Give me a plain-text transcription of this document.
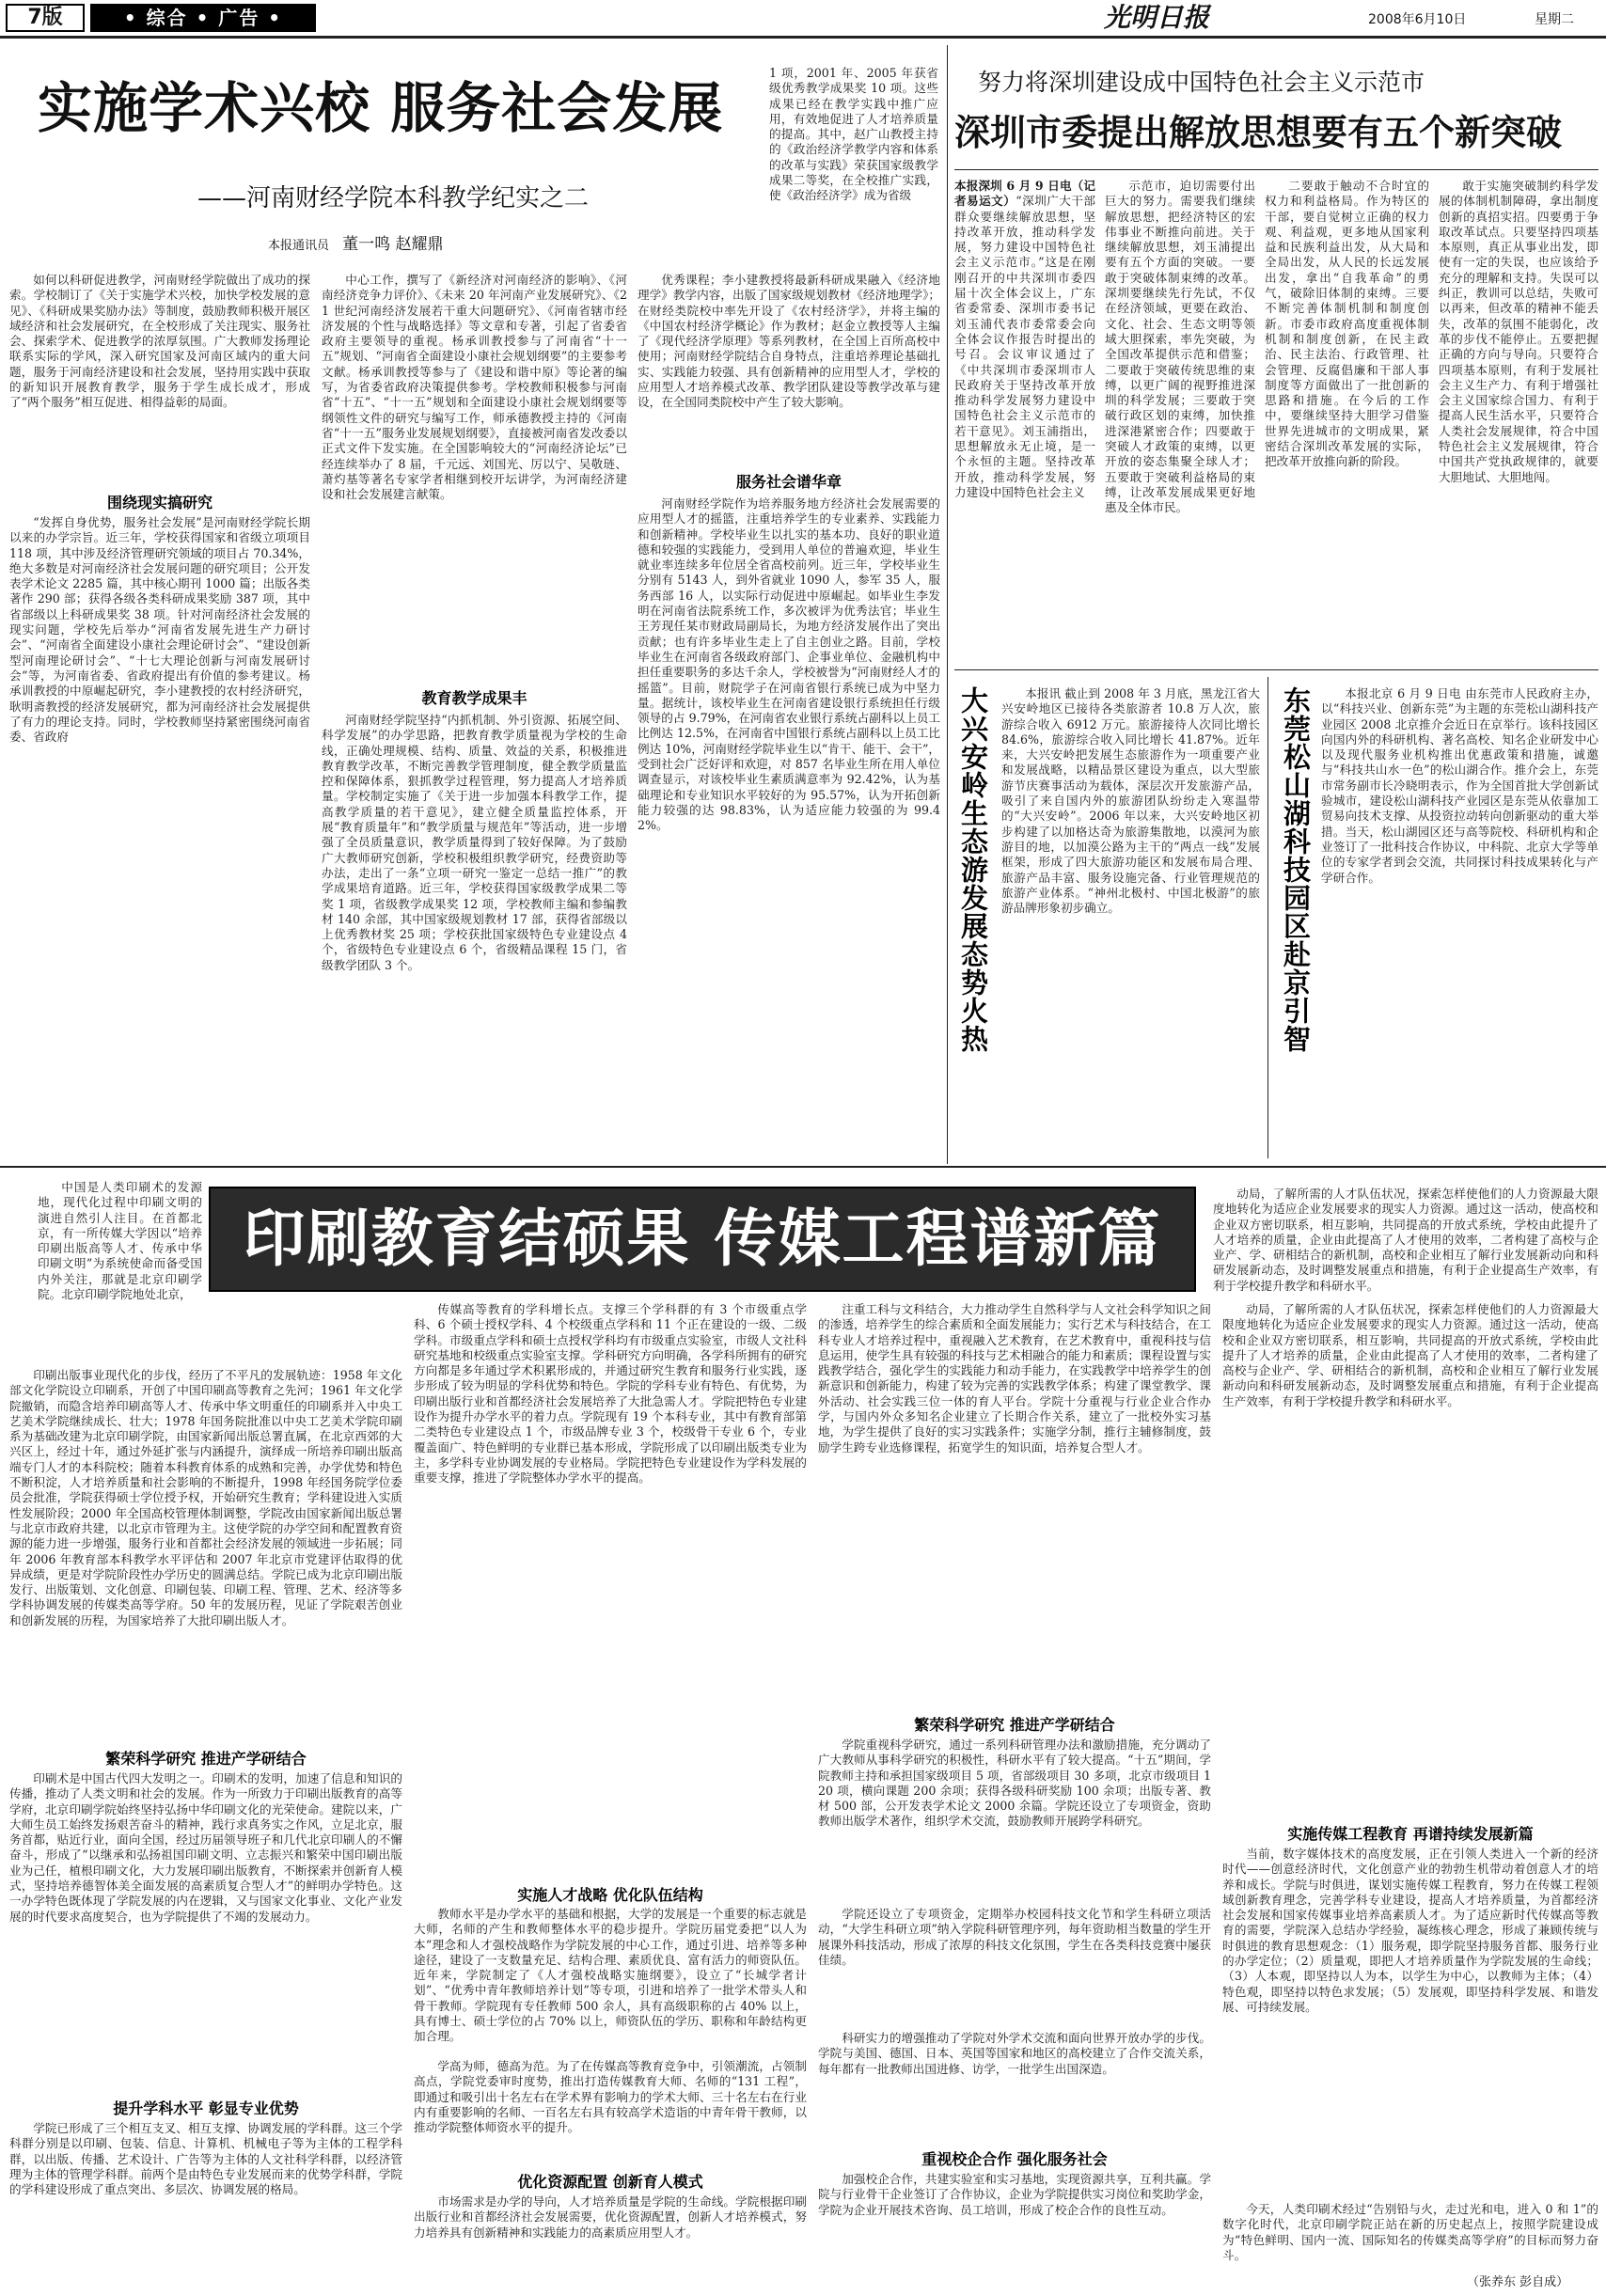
7版	• 综合 • 广告 •	光明日报	2008年6月10日	星期二
实施学术兴校 服务社会发展
——河南财经学院本科教学纪实之二
本报通讯员 董一鸣 赵耀鼎
1 项，2001 年、2005 年获省级优秀教学成果奖 10 项。这些成果已经在教学实践中推广应用，有效地促进了人才培养质量的提高。其中，赵广山教授主持的《政治经济学教学内容和体系的改革与实践》荣获国家级教学成果二等奖，在全校推广实践，使《政治经济学》成为省级

如何以科研促进教学，河南财经学院做出了成功的探索。学校制订了《关于实施学术兴校，加快学校发展的意见》、《科研成果奖励办法》等制度，鼓励教师积极开展区域经济和社会发展研究，在全校形成了关注现实、服务社会、探索学术、促进教学的浓厚氛围。广大教师发扬理论联系实际的学风，深入研究国家及河南区域内的重大问题，服务于河南经济建设和社会发展，坚持用实践中获取的新知识开展教育教学，服务于学生成长成才，形成了“两个服务”相互促进、相得益彰的局面。

围绕现实搞研究

“发挥自身优势，服务社会发展”是河南财经学院长期以来的办学宗旨。近三年，学校获得国家和省级立项项目 118 项，其中涉及经济管理研究领域的项目占 70.34%，绝大多数是对河南经济社会发展问题的研究项目；公开发表学术论文 2285 篇，其中核心期刊 1000 篇；出版各类著作 290 部；获得各级各类科研成果奖励 387 项，其中省部级以上科研成果奖 38 项。针对河南经济社会发展的现实问题，学校先后举办“河南省发展先进生产力研讨会”、“河南省全面建设小康社会理论研讨会”、“建设创新型河南理论研讨会”、“十七大理论创新与河南发展研讨会”等，为河南省委、省政府提出有价值的参考建议。杨承训教授的中原崛起研究，李小建教授的农村经济研究，耿明斋教授的经济发展研究，都为河南经济社会发展提供了有力的理论支持。同时，学校教师坚持紧密围绕河南省委、省政府

中心工作，撰写了《新经济对河南经济的影响》、《河南经济竞争力评价》、《未来 20 年河南产业发展研究》、《21 世纪河南经济发展若干重大问题研究》、《河南省辖市经济发展的个性与战略选择》等文章和专著，引起了省委省政府主要领导的重视。杨承训教授参与了河南省“十一五”规划、“河南省全面建设小康社会规划纲要”的主要参考文献。杨承训教授等参与了《建设和谐中原》等论著的编写，为省委省政府决策提供参考。学校教师积极参与河南省“十五”、“十一五”规划和全面建设小康社会规划纲要等纲领性文件的研究与编写工作，师承德教授主持的《河南省“十一五”服务业发展规划纲要》，直接被河南省发改委以正式文件下发实施。在全国影响较大的“河南经济论坛”已经连续举办了 8 届，千元远、刘国光、厉以宁、吴敬琏、萧灼基等著名专家学者相继到校开坛讲学，为河南经济建设和社会发展建言献策。

教育教学成果丰

河南财经学院坚持“内抓机制、外引资源、拓展空间、科学发展”的办学思路，把教育教学质量视为学校的生命线，正确处理规模、结构、质量、效益的关系，积极推进教育教学改革，不断完善教学管理制度，健全教学质量监控和保障体系，狠抓教学过程管理，努力提高人才培养质量。学校制定实施了《关于进一步加强本科教学工作，提高教学质量的若干意见》，建立健全质量监控体系，开展“教育质量年”和“教学质量与规范年”等活动，进一步增强了全员质量意识，教学质量得到了较好保障。为了鼓励广大教师研究创新，学校积极组织教学研究，经费资助等办法，走出了一条“立项一研究一鉴定一总结一推广”的教学成果培育道路。近三年，学校获得国家级教学成果二等奖 1 项，省级教学成果奖 12 项，学校教师主编和参编教材 140 余部，其中国家级规划教材 17 部，获得省部级以上优秀教材奖 25 项；学校获批国家级特色专业建设点 4 个，省级特色专业建设点 6 个，省级精品课程 15 门，省级教学团队 3 个。

优秀课程；李小建教授将最新科研成果融入《经济地理学》教学内容，出版了国家级规划教材《经济地理学》；在财经类院校中率先开设了《农村经济学》，并将主编的《中国农村经济学概论》作为教材；赵金立教授等人主编了《现代经济学原理》等系列教材，在全国上百所高校中使用；河南财经学院结合自身特点，注重培养理论基础扎实、实践能力较强、具有创新精神的应用型人才，学校的应用型人才培养模式改革、教学团队建设等教学改革与建设，在全国同类院校中产生了较大影响。

服务社会谱华章

河南财经学院作为培养服务地方经济社会发展需要的应用型人才的摇篮，注重培养学生的专业素养、实践能力和创新精神。学校毕业生以扎实的基本功、良好的职业道德和较强的实践能力，受到用人单位的普遍欢迎，毕业生就业率连续多年位居全省高校前列。近三年，学校毕业生分别有 5143 人，到外省就业 1090 人，参军 35 人，服务西部 16 人，以实际行动促进中原崛起。如毕业生李发明在河南省法院系统工作，多次被评为优秀法官；毕业生王芳现任某市财政局副局长，为地方经济发展作出了突出贡献；也有许多毕业生走上了自主创业之路。目前，学校毕业生在河南省各级政府部门、企事业单位、金融机构中担任重要职务的多达千余人，学校被誉为“河南财经人才的摇篮”。目前，财院学子在河南省银行系统已成为中坚力量。据统计，该校毕业生在河南省建设银行系统担任行级领导的占 9.79%，在河南省农业银行系统占副科以上员工比例达 12.5%，在河南省中国银行系统占副科以上员工比例达 10%，河南财经学院毕业生以“肯干、能干、会干”，受到社会广泛好评和欢迎，对 857 名毕业生所在用人单位调查显示，对该校毕业生素质满意率为 92.42%，认为基础理论和专业知识水平较好的为 95.57%，认为开拓创新能力较强的达 98.83%，认为适应能力较强的为 99.42%。

努力将深圳建设成中国特色社会主义示范市
深圳市委提出解放思想要有五个新突破
本报深圳 6 月 9 日电（记者易运文）“深圳广大干部群众要继续解放思想，坚持改革开放，推动科学发展，努力建设中国特色社会主义示范市。”这是在刚刚召开的中共深圳市委四届十次全体会议上，广东省委常委、深圳市委书记刘玉浦代表市委常委会向全体会议作报告时提出的号召。会议审议通过了《中共深圳市委深圳市人民政府关于坚持改革开放推动科学发展努力建设中国特色社会主义示范市的若干意见》。刘玉浦指出，思想解放永无止境，是一个永恒的主题。坚持改革开放，推动科学发展，努力建设中国特色社会主义

示范市，迫切需要付出巨大的努力。需要我们继续解放思想，把经济特区的宏伟事业不断推向前进。关于继续解放思想，刘玉浦提出要有五个方面的突破。一要敢于突破体制束缚的改革。深圳要继续先行先试，不仅在经济领域，更要在政治、文化、社会、生态文明等领域大胆探索，率先突破，为全国改革提供示范和借鉴；二要敢于突破传统思维的束缚，以更广阔的视野推进深圳的科学发展；三要敢于突破行政区划的束缚，加快推进深港紧密合作；四要敢于突破人才政策的束缚，以更开放的姿态集聚全球人才；五要敢于突破利益格局的束缚，让改革发展成果更好地惠及全体市民。

二要敢于触动不合时宜的权力和利益格局。作为特区的干部，要自觉树立正确的权力观、利益观，更多地从国家利益和民族利益出发，从大局和全局出发，从人民的长远发展出发，拿出“自我革命”的勇气，破除旧体制的束缚。三要不断完善体制机制和制度创新。市委市政府高度重视体制机制和制度创新，在民主政治、民主法治、行政管理、社会管理、反腐倡廉和干部人事制度等方面做出了一批创新的思路和措施。在今后的工作中，要继续坚持大胆学习借鉴世界先进城市的文明成果，紧密结合深圳改革发展的实际，把改革开放推向新的阶段。

敢于实施突破制约科学发展的体制机制障碍，拿出制度创新的真招实招。四要勇于争取改革试点。只要坚持四项基本原则，真正从事业出发，即使有一定的失误，也应该给予充分的理解和支持。失误可以纠正，教训可以总结，失败可以再来，但改革的精神不能丢失，改革的氛围不能弱化，改革的步伐不能停止。五要把握正确的方向与导向。只要符合四项基本原则，有利于发展社会主义生产力、有利于增强社会主义国家综合国力、有利于提高人民生活水平，只要符合人类社会发展规律，符合中国特色社会主义发展规律，符合中国共产党执政规律的，就要大胆地试、大胆地闯。

大兴安岭生态游发展态势火热	本报讯 截止到 2008 年 3 月底，黑龙江省大兴安岭地区已接待各类旅游者 10.8 万人次，旅游综合收入 6912 万元。旅游接待人次同比增长 84.6%，旅游综合收入同比增长 41.87%。近年来，大兴安岭把发展生态旅游作为一项重要产业和发展战略，以精品景区建设为重点，以大型旅游节庆赛事活动为载体，深层次开发旅游产品，吸引了来自国内外的旅游团队纷纷走入寒温带的“大兴安岭”。2006 年以来，大兴安岭地区初步构建了以加格达奇为旅游集散地，以漠河为旅游目的地，以加漠公路为主干的“两点一线”发展框架，形成了四大旅游功能区和发展布局合理、旅游产品丰富、服务设施完备、行业管理规范的旅游产业体系。“神州北极村、中国北极游”的旅游品牌形象初步确立。	东莞松山湖科技园区赴京引智	本报北京 6 月 9 日电 由东莞市人民政府主办，以“科技兴业、创新东莞”为主题的东莞松山湖科技产业园区 2008 北京推介会近日在京举行。该科技园区向国内外的科研机构、著名高校、知名企业研发中心以及现代服务业机构推出优惠政策和措施，诚邀与“科技共山水一色”的松山湖合作。推介会上，东莞市常务副市长冷晓明表示，作为全国首批大学创新试验城市，建设松山湖科技产业园区是东莞从依靠加工贸易向技术支撑、从投资拉动转向创新驱动的重大举措。当天，松山湖园区还与高等院校、科研机构和企业签订了一批科技合作协议，中科院、北京大学等单位的专家学者到会交流，共同探讨科技成果转化与产学研合作。

印刷教育结硕果 传媒工程谱新篇

中国是人类印刷术的发源地，现代化过程中印刷文明的演进自然引人注目。在首都北京，有一所传媒大学因以“培养印刷出版高等人才、传承中华印刷文明”为系统使命而备受国内外关注，那就是北京印刷学院。北京印刷学院地处北京，

印刷出版事业现代化的步伐，经历了不平凡的发展轨迹：1958 年文化部文化学院设立印刷系，开创了中国印刷高等教育之先河；1961 年文化学院撤销，而隐含培养印刷高等人才、传承中华文明重任的印刷系并入中央工艺美术学院继续成长、壮大；1978 年国务院批准以中央工艺美术学院印刷系为基础改建为北京印刷学院，由国家新闻出版总署直属，在北京西郊的大兴区上，经过十年，通过外延扩张与内涵提升，演绎成一所培养印刷出版高端专门人才的本科院校；随着本科教育体系的成熟和完善，办学优势和特色不断积淀，人才培养质量和社会影响的不断提升，1998 年经国务院学位委员会批准，学院获得硕士学位授予权，开始研究生教育；学科建设进入实质性发展阶段；2000 年全国高校管理体制调整，学院改由国家新闻出版总署与北京市政府共建，以北京市管理为主。这使学院的办学空间和配置教育资源的能力进一步增强，服务行业和首都社会经济发展的领域进一步拓展；同年 2006 年教育部本科教学水平评估和 2007 年北京市党建评估取得的优异成绩，更是对学院阶段性办学历史的圆满总结。学院已成为北京印刷出版发行、出版策划、文化创意、印刷包装、印刷工程、管理、艺术、经济等多学科协调发展的传媒类高等学府。50 年的发展历程，见证了学院艰苦创业和创新发展的历程，为国家培养了大批印刷出版人才。

繁荣科学研究 推进产学研结合

印刷术是中国古代四大发明之一。印刷术的发明，加速了信息和知识的传播，推动了人类文明和社会的发展。作为一所致力于印刷出版教育的高等学府，北京印刷学院始终坚持弘扬中华印刷文化的光荣使命。建院以来，广大师生员工始终发扬艰苦奋斗的精神，践行求真务实之作风，立足北京，服务首都，贴近行业，面向全国，经过历届领导班子和几代北京印刷人的不懈奋斗，形成了“以继承和弘扬祖国印刷文明、立志振兴和繁荣中国印刷出版业为己任，植根印刷文化，大力发展印刷出版教育，不断探索并创新育人模式，坚持培养德智体美全面发展的高素质复合型人才”的鲜明办学特色。这一办学特色既体现了学院发展的内在逻辑，又与国家文化事业、文化产业发展的时代要求高度契合，也为学院提供了不竭的发展动力。

提升学科水平 彰显专业优势

学院已形成了三个相互支叉、相互支撑、协调发展的学科群。这三个学科群分别是以印刷、包装、信息、计算机、机械电子等为主体的工程学科群，以出版、传播、艺术设计、广告等为主体的人文社科学科群，以经济管理为主体的管理学科群。前两个是由特色专业发展而来的优势学科群，学院的学科建设形成了重点突出、多层次、协调发展的格局。

传媒高等教育的学科增长点。支撑三个学科群的有 3 个市级重点学科、6 个硕士授权学科、4 个校级重点学科和 11 个正在建设的一级、二级学科。市级重点学科和硕士点授权学科均有市级重点实验室，市级人文社科研究基地和校级重点实验室支撑。学科研究方向明确，各学科所拥有的研究方向都是多年通过学术积累形成的，并通过研究生教育和服务行业实践，逐步形成了较为明显的学科优势和特色。学院的学科专业有特色、有优势，为印刷出版行业和首都经济社会发展培养了大批急需人才。学院把特色专业建设作为提升办学水平的着力点。学院现有 19 个本科专业，其中有教育部第二类特色专业建设点 1 个，市级品牌专业 3 个，校级骨干专业 6 个，专业覆盖面广、特色鲜明的专业群已基本形成，学院形成了以印刷出版类专业为主，多学科专业协调发展的专业格局。学院把特色专业建设作为学科发展的重要支撑，推进了学院整体办学水平的提高。

实施人才战略 优化队伍结构

教师水平是办学水平的基础和根据，大学的发展是一个重要的标志就是大师，名师的产生和教师整体水平的稳步提升。学院历届党委把“以人为本”理念和人才强校战略作为学院发展的中心工作，通过引进、培养等多种途径，建设了一支数量充足、结构合理、素质优良、富有活力的师资队伍。近年来，学院制定了《人才强校战略实施纲要》，设立了“长城学者计划”、“优秀中青年教师培养计划”等专项，引进和培养了一批学术带头人和骨干教师。学院现有专任教师 500 余人，具有高级职称的占 40% 以上，具有博士、硕士学位的占 70% 以上，师资队伍的学历、职称和年龄结构更加合理。

学高为师，德高为范。为了在传媒高等教育竞争中，引领潮流，占领制高点，学院党委审时度势，推出打造传媒教育大师、名师的“131 工程”，即通过和吸引出十名左右在学术界有影响力的学术大师、三十名左右在行业内有重要影响的名师、一百名左右具有较高学术造诣的中青年骨干教师，以推动学院整体师资水平的提升。

优化资源配置 创新育人模式

市场需求是办学的导向，人才培养质量是学院的生命线。学院根据印刷出版行业和首都经济社会发展需要，优化资源配置，创新人才培养模式，努力培养具有创新精神和实践能力的高素质应用型人才。

注重工科与文科结合，大力推动学生自然科学与人文社会科学知识之间的渗透，培养学生的综合素质和全面发展能力；实行艺术与科技结合，在工科专业人才培养过程中，重视融入艺术教育，在艺术教育中，重视科技与信息运用，使学生具有较强的科技与艺术相融合的能力和素质；课程设置与实践教学结合，强化学生的实践能力和动手能力，在实践教学中培养学生的创新意识和创新能力，构建了较为完善的实践教学体系；构建了课堂教学、课外活动、社会实践三位一体的育人平台。学院十分重视与行业企业合作办学，与国内外众多知名企业建立了长期合作关系，建立了一批校外实习基地，为学生提供了良好的实习实践条件；实施学分制，推行主辅修制度，鼓励学生跨专业选修课程，拓宽学生的知识面，培养复合型人才。

繁荣科学研究 推进产学研结合

学院重视科学研究，通过一系列科研管理办法和激励措施，充分调动了广大教师从事科学研究的积极性，科研水平有了较大提高。“十五”期间，学院教师主持和承担国家级项目 5 项，省部级项目 30 多项，北京市级项目 120 项，横向课题 200 余项；获得各级科研奖励 100 余项；出版专著、教材 500 部，公开发表学术论文 2000 余篇。学院还设立了专项资金，资助教师出版学术著作，组织学术交流，鼓励教师开展跨学科研究。

学院还设立了专项资金，定期举办校园科技文化节和学生科研立项活动，“大学生科研立项”纳入学院科研管理序列，每年资助相当数量的学生开展课外科技活动，形成了浓厚的科技文化氛围，学生在各类科技竞赛中屡获佳绩。

科研实力的增强推动了学院对外学术交流和面向世界开放办学的步伐。学院与美国、德国、日本、英国等国家和地区的高校建立了合作交流关系，每年都有一批教师出国进修、访学，一批学生出国深造。

重视校企合作 强化服务社会

加强校企合作，共建实验室和实习基地，实现资源共享，互利共赢。学院与行业骨干企业签订了合作协议，企业为学院提供实习岗位和奖助学金，学院为企业开展技术咨询、员工培训，形成了校企合作的良性互动。

动局，了解所需的人才队伍状况，探索怎样使他们的人力资源最大限度地转化为适应企业发展要求的现实人力资源。通过这一活动，使高校和企业双方密切联系，相互影响，共同提高的开放式系统，学校由此提升了人才培养的质量，企业由此提高了人才使用的效率，二者构建了高校与企业产、学、研相结合的新机制，高校和企业相互了解行业发展新动向和科研发展新动态，及时调整发展重点和措施，有利于企业提高生产效率，有利于学校提升教学和科研水平。

动局，了解所需的人才队伍状况，探索怎样使他们的人力资源最大限度地转化为适应企业发展要求的现实人力资源。通过这一活动，使高校和企业双方密切联系，相互影响，共同提高的开放式系统，学校由此提升了人才培养的质量，企业由此提高了人才使用的效率，二者构建了高校与企业产、学、研相结合的新机制，高校和企业相互了解行业发展新动向和科研发展新动态，及时调整发展重点和措施，有利于企业提高生产效率，有利于学校提升教学和科研水平。

实施传媒工程教育 再谱持续发展新篇

当前，数字媒体技术的高度发展，正在引领人类进入一个新的经济时代——创意经济时代，文化创意产业的勃勃生机带动着创意人才的培养和成长。学院与时俱进，谋划实施传媒工程教育，努力在传媒工程领域创新教育理念，完善学科专业建设，提高人才培养质量，为首都经济社会发展和国家传媒事业培养高素质人才。为了适应新时代传媒高等教育的需要，学院深入总结办学经验，凝练核心理念，形成了兼顾传统与时俱进的教育思想观念：（1）服务观，即学院坚持服务首都、服务行业的办学定位；（2）质量观，即把人才培养质量作为学院发展的生命线；（3）人本观，即坚持以人为本，以学生为中心，以教师为主体；（4）特色观，即坚持以特色求发展；（5）发展观，即坚持科学发展、和谐发展、可持续发展。

今天，人类印刷术经过“告别铅与火，走过光和电，进入 0 和 1”的数字化时代，北京印刷学院正站在新的历史起点上，按照学院建设成为“特色鲜明、国内一流、国际知名的传媒类高等学府”的目标而努力奋斗。

（张养东 彭自成）
